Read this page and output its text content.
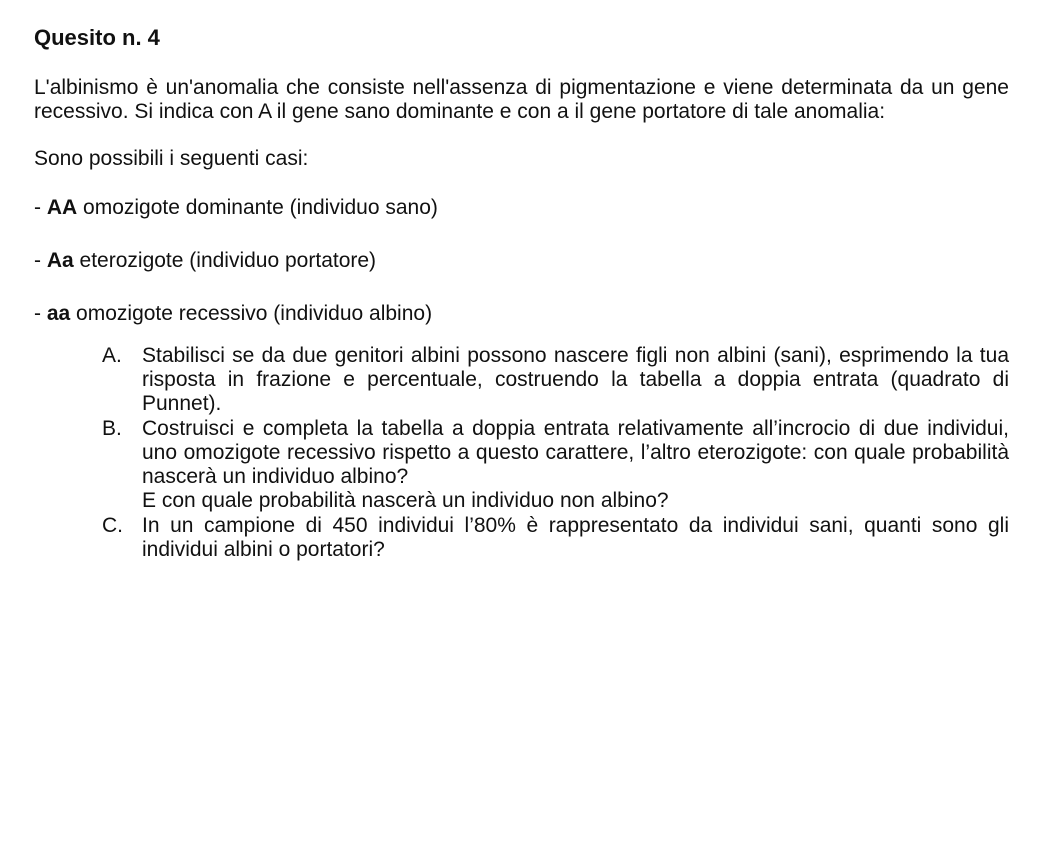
Quesito n. 4
L'albinismo è un'anomalia che consiste nell'assenza di pigmentazione e viene determinata da un gene recessivo. Si indica con A il gene sano dominante e con a il gene portatore di tale anomalia:
Sono possibili i seguenti casi:
- AA omozigote dominante (individuo sano)
- Aa eterozigote (individuo portatore)
- aa omozigote recessivo (individuo albino)
A. Stabilisci se da due genitori albini possono nascere figli non albini (sani), esprimendo la tua risposta in frazione e percentuale, costruendo la tabella a doppia entrata (quadrato di Punnet).
B. Costruisci e completa la tabella a doppia entrata relativamente all’incrocio di due individui, uno omozigote recessivo rispetto a questo carattere, l’altro eterozigote: con quale probabilità nascerà un individuo albino?
E con quale probabilità nascerà un individuo non albino?
C. In un campione di 450 individui l’80% è rappresentato da individui sani, quanti sono gli individui albini o portatori?
